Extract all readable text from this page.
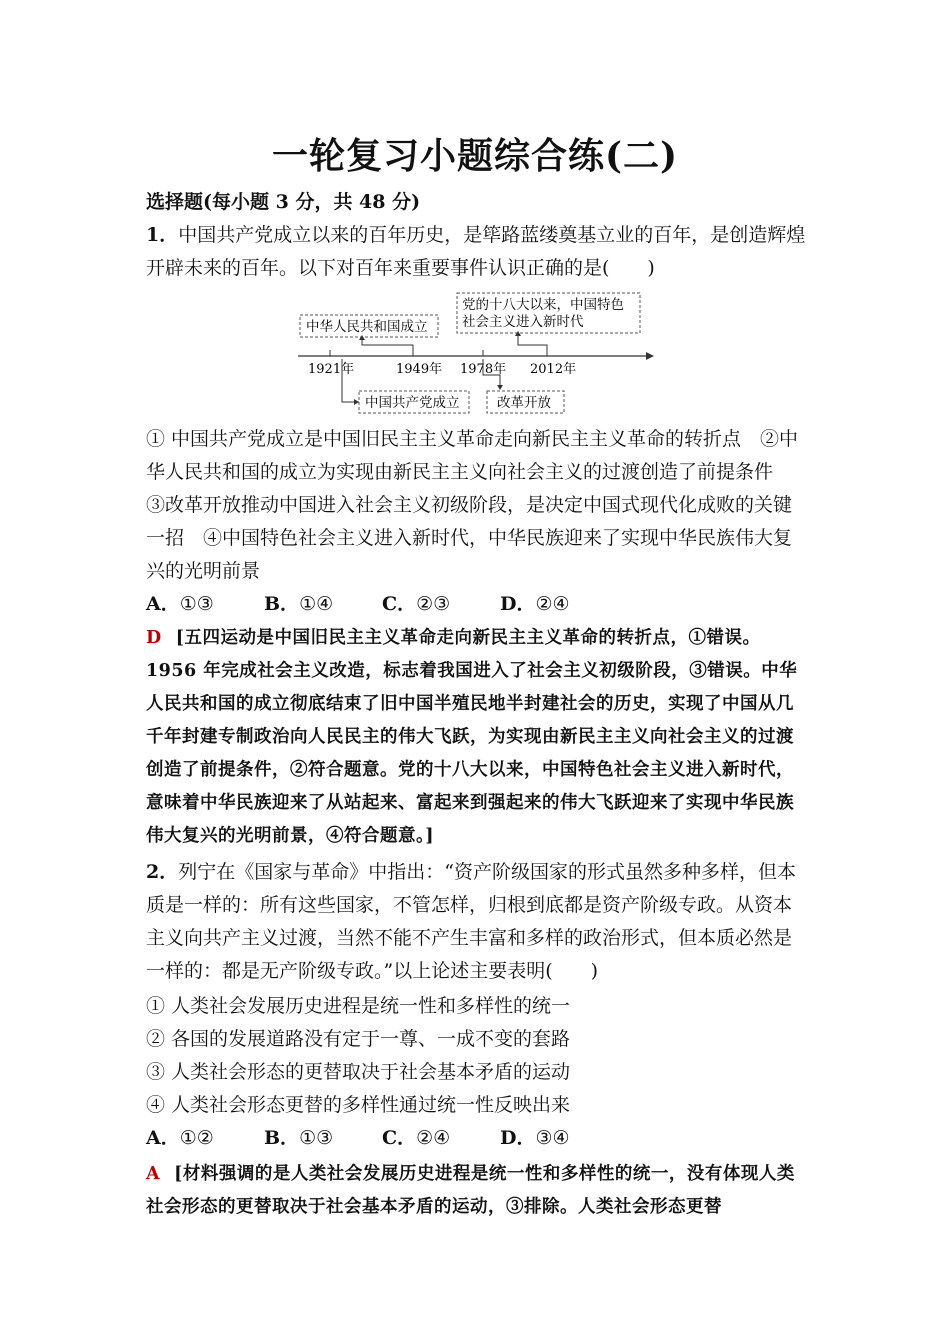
一轮复习小题综合练(二)
选择题(每小题 3 分，共 48 分)
1．中国共产党成立以来的百年历史，是筚路蓝缕奠基立业的百年，是创造辉煌开辟未来的百年。以下对百年来重要事件认识正确的是(　　)
1921年	1949年 1978年 2012年
中华人民共和国成立
党的十八大以来，中国特色
社会主义进入新时代
中国共产党成立	改革开放
① 中国共产党成立是中国旧民主主义革命走向新民主主义革命的转折点　②中华人民共和国的成立为实现由新民主主义向社会主义的过渡创造了前提条件　③改革开放推动中国进入社会主义初级阶段，是决定中国式现代化成败的关键一招　④中国特色社会主义进入新时代，中华民族迎来了实现中华民族伟大复兴的光明前景
A．①③	B．①④	C．②③	D．②④
D [五四运动是中国旧民主主义革命走向新民主主义革命的转折点，①错误。1956 年完成社会主义改造，标志着我国进入了社会主义初级阶段，③错误。中华人民共和国的成立彻底结束了旧中国半殖民地半封建社会的历史，实现了中国从几千年封建专制政治向人民民主的伟大飞跃，为实现由新民主主义向社会主义的过渡创造了前提条件，②符合题意。党的十八大以来，中国特色社会主义进入新时代，意味着中华民族迎来了从站起来、富起来到强起来的伟大飞跃迎来了实现中华民族伟大复兴的光明前景，④符合题意。]
2．列宁在《国家与革命》中指出：“资产阶级国家的形式虽然多种多样，但本质是一样的：所有这些国家，不管怎样，归根到底都是资产阶级专政。从资本主义向共产主义过渡，当然不能不产生丰富和多样的政治形式，但本质必然是一样的：都是无产阶级专政。”以上论述主要表明(　　)
① 人类社会发展历史进程是统一性和多样性的统一
② 各国的发展道路没有定于一尊、一成不变的套路
③ 人类社会形态的更替取决于社会基本矛盾的运动
④ 人类社会形态更替的多样性通过统一性反映出来
A．①②	B．①③	C．②④	D．③④
A [材料强调的是人类社会发展历史进程是统一性和多样性的统一，没有体现人类社会形态的更替取决于社会基本矛盾的运动，③排除。人类社会形态更替
